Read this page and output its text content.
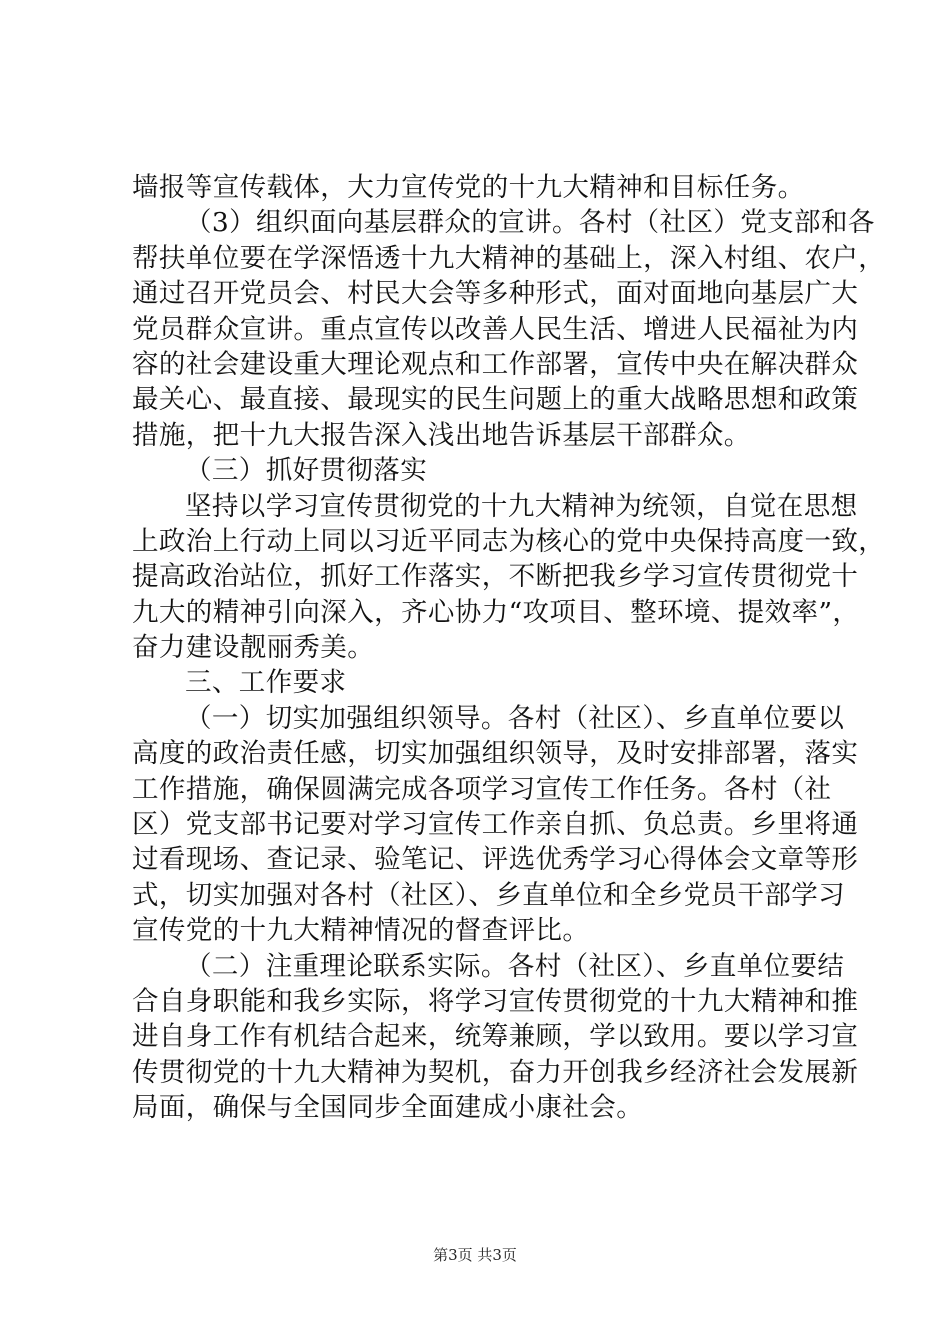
墙报等宣传载体，大力宣传党的十九大精神和目标任务。
（3）组织面向基层群众的宣讲。各村（社区）党支部和各
帮扶单位要在学深悟透十九大精神的基础上，深入村组、农户，
通过召开党员会、村民大会等多种形式，面对面地向基层广大
党员群众宣讲。重点宣传以改善人民生活、增进人民福祉为内
容的社会建设重大理论观点和工作部署，宣传中央在解决群众
最关心、最直接、最现实的民生问题上的重大战略思想和政策
措施，把十九大报告深入浅出地告诉基层干部群众。
（三）抓好贯彻落实
坚持以学习宣传贯彻党的十九大精神为统领，自觉在思想
上政治上行动上同以习近平同志为核心的党中央保持高度一致，
提高政治站位，抓好工作落实，不断把我乡学习宣传贯彻党十
九大的精神引向深入，齐心协力“攻项目、整环境、提效率”，
奋力建设靓丽秀美。
三、工作要求
（一）切实加强组织领导。各村（社区）、乡直单位要以
高度的政治责任感，切实加强组织领导，及时安排部署，落实
工作措施，确保圆满完成各项学习宣传工作任务。各村（社
区）党支部书记要对学习宣传工作亲自抓、负总责。乡里将通
过看现场、查记录、验笔记、评选优秀学习心得体会文章等形
式，切实加强对各村（社区）、乡直单位和全乡党员干部学习
宣传党的十九大精神情况的督查评比。
（二）注重理论联系实际。各村（社区）、乡直单位要结
合自身职能和我乡实际，将学习宣传贯彻党的十九大精神和推
进自身工作有机结合起来，统筹兼顾，学以致用。要以学习宣
传贯彻党的十九大精神为契机，奋力开创我乡经济社会发展新
局面，确保与全国同步全面建成小康社会。
第3页 共3页
